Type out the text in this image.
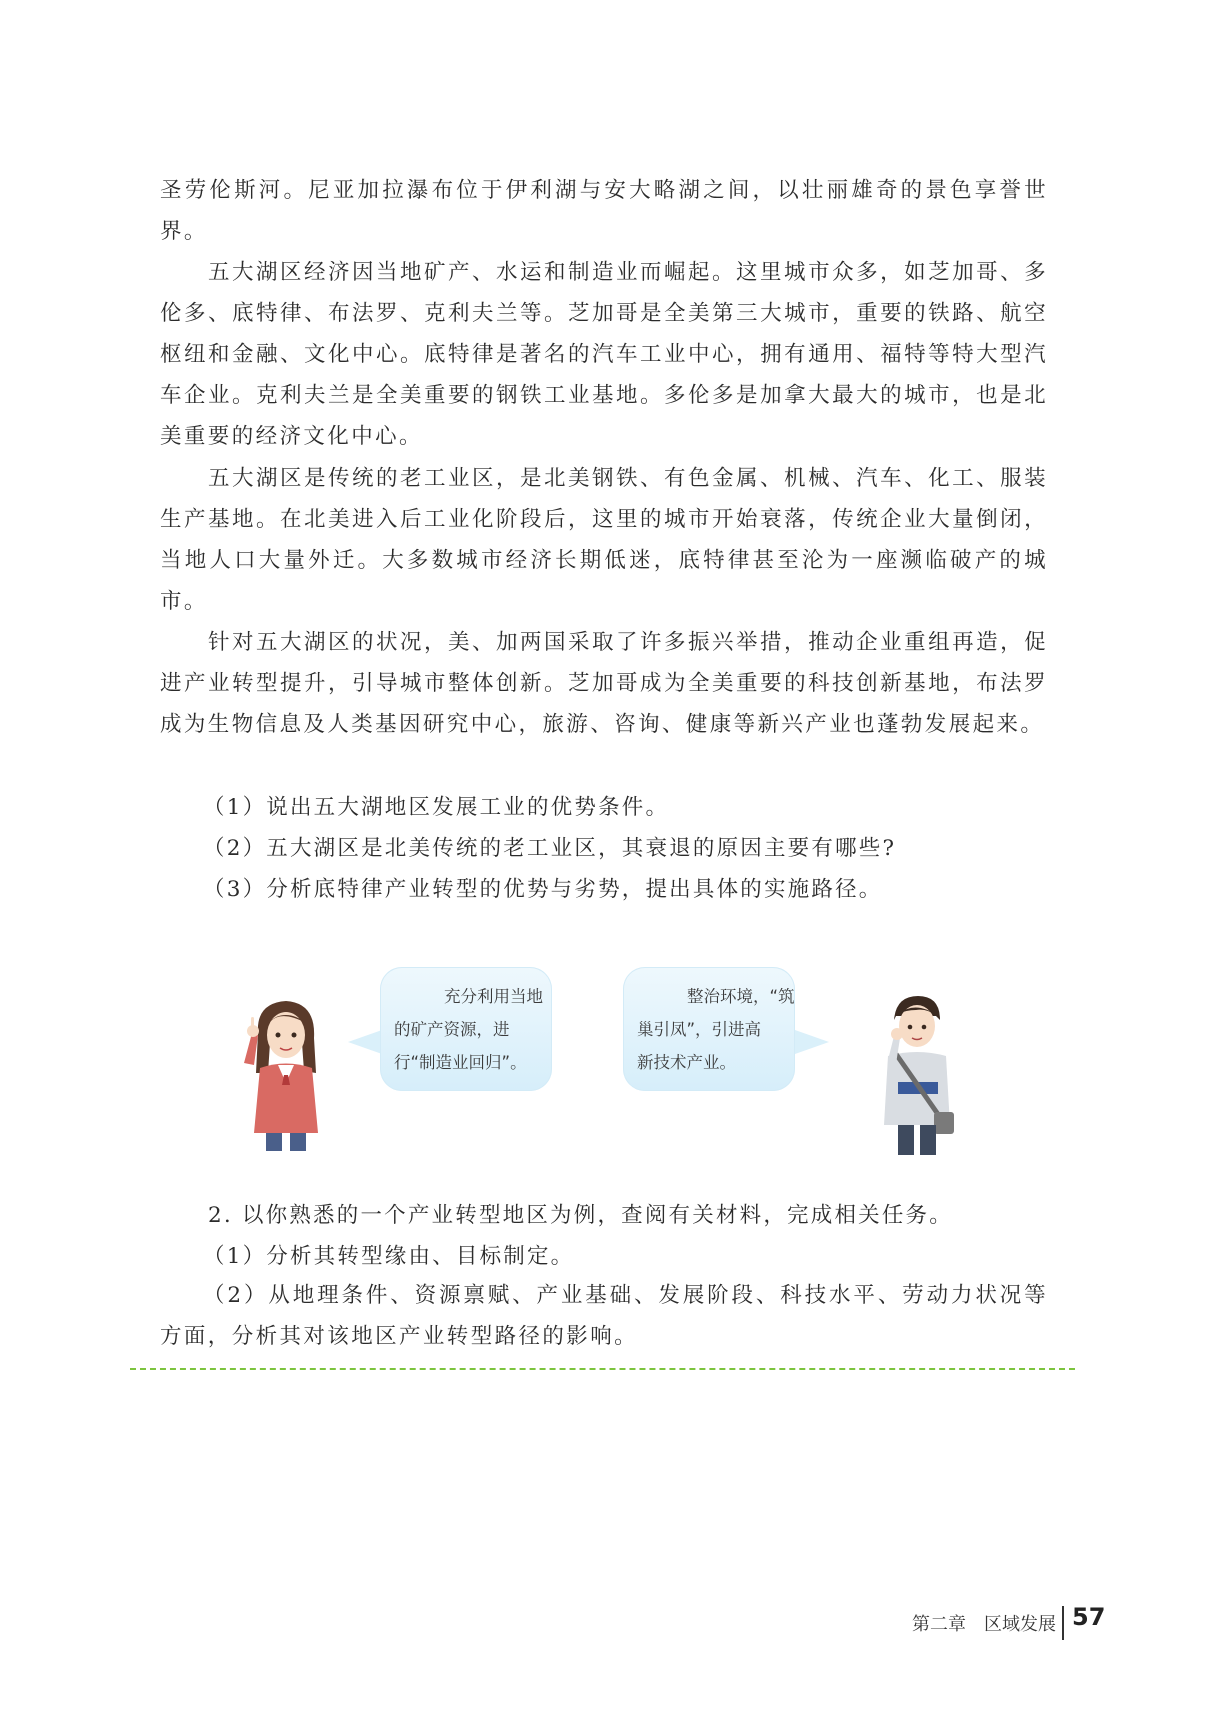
圣劳伦斯河。尼亚加拉瀑布位于伊利湖与安大略湖之间，以壮丽雄奇的景色享誉世界。

五大湖区经济因当地矿产、水运和制造业而崛起。这里城市众多，如芝加哥、多伦多、底特律、布法罗、克利夫兰等。芝加哥是全美第三大城市，重要的铁路、航空枢纽和金融、文化中心。底特律是著名的汽车工业中心，拥有通用、福特等特大型汽车企业。克利夫兰是全美重要的钢铁工业基地。多伦多是加拿大最大的城市，也是北美重要的经济文化中心。

五大湖区是传统的老工业区，是北美钢铁、有色金属、机械、汽车、化工、服装生产基地。在北美进入后工业化阶段后，这里的城市开始衰落，传统企业大量倒闭，当地人口大量外迁。大多数城市经济长期低迷，底特律甚至沦为一座濒临破产的城市。

针对五大湖区的状况，美、加两国采取了许多振兴举措，推动企业重组再造，促进产业转型提升，引导城市整体创新。芝加哥成为全美重要的科技创新基地，布法罗成为生物信息及人类基因研究中心，旅游、咨询、健康等新兴产业也蓬勃发展起来。

（1）说出五大湖地区发展工业的优势条件。
（2）五大湖区是北美传统的老工业区，其衰退的原因主要有哪些?
（3）分析底特律产业转型的优势与劣势，提出具体的实施路径。
充分利用当地
的矿产资源，进
行“制造业回归”。
整治环境，“筑
巢引凤”，引进高
新技术产业。
2. 以你熟悉的一个产业转型地区为例，查阅有关材料，完成相关任务。
（1）分析其转型缘由、目标制定。

（2）从地理条件、资源禀赋、产业基础、发展阶段、科技水平、劳动力状况等方面，分析其对该地区产业转型路径的影响。

第二章　区域发展 57
